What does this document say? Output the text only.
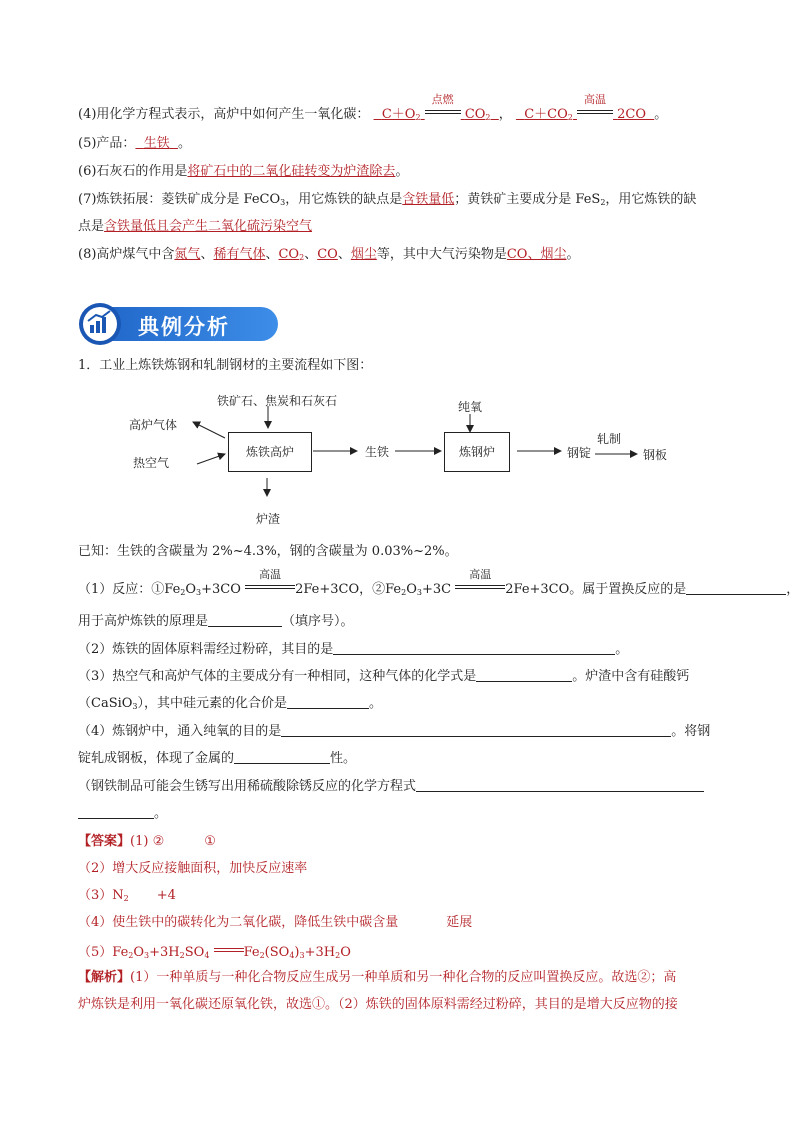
(4)用化学方程式表示，高炉中如何产生一氧化碳： $C+O_2$
点燃
$CO_2$ ， $C+CO_2$
高温
2CO 。
(5)产品： 生铁 。
(6)石灰石的作用是将矿石中的二氧化硅转变为炉渣除去。
(7)炼铁拓展：菱铁矿成分是 FeCO$_3$，用它炼铁的缺点是含铁量低；黄铁矿主要成分是 FeS$_2$，用它炼铁的缺
点是含铁量低且会产生二氧化硫污染空气
(8)高炉煤气中含氮气、稀有气体、$CO_2$、CO、烟尘等，其中大气污染物是CO、烟尘。
典例分析
1．工业上炼铁炼钢和轧制钢材的主要流程如下图：
铁矿石、焦炭和石灰石
高炉气体
热空气
炼铁高炉
炉渣
生铁
纯氧
炼钢炉	钢锭
轧制
钢板
已知：生铁的含碳量为 2%~4.3%，钢的含碳量为 0.03%~2%。
（1）反应：$①Fe_2O_3+3CO$
高温
2Fe+3CO，$②Fe_2O_3+3C$
高温
2Fe+3CO。属于置换反应的是	，
用于高炉炼铁的原理是	（填序号）。
（2）炼铁的固体原料需经过粉碎，其目的是	。
（3）热空气和高炉气体的主要成分有一种相同，这种气体的化学式是	。炉渣中含有硅酸钙
（CaSiO$_3$），其中硅元素的化合价是	。
（4）炼钢炉中，通入纯氧的目的是	。将钢
锭轧成钢板，体现了金属的	性。
（钢铁制品可能会生锈写出用稀硫酸除锈反应的化学方程式
。
【答案】(1) ②	①
（2）增大反应接触面积，加快反应速率
$(3)N_2 +4$
（4）使生铁中的碳转化为二氧化碳，降低生铁中碳含量	延展
$(5)Fe_2O_3+3H_2SO_4$	$Fe_2(SO_4)_3+3H_2O$
【解析】(1）一种单质与一种化合物反应生成另一种单质和另一种化合物的反应叫置换反应。故选②；高
炉炼铁是利用一氧化碳还原氧化铁，故选①。（2）炼铁的固体原料需经过粉碎，其目的是增大反应物的接
